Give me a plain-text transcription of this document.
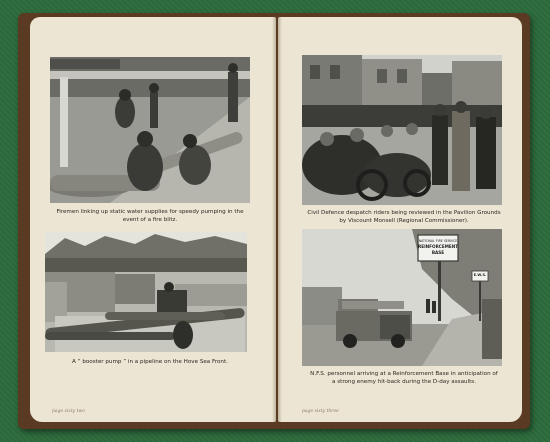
Firemen linking up static water supplies for speedy pumping in the
event of a fire blitz.
A “ booster pump ” in a pipeline on the Hove Sea Front.
page sixty two
Civil Defence despatch riders being reviewed in the Pavilion Grounds
by Viscount Monsell (Regional Commissioner).
NATIONAL FIRE SERVICE
REINFORCEMENT
BASE
E.W.S.
N.F.S. personnel arriving at a Reinforcement Base in anticipation of
a strong enemy hit-back during the D-day assaults.
page sixty three
